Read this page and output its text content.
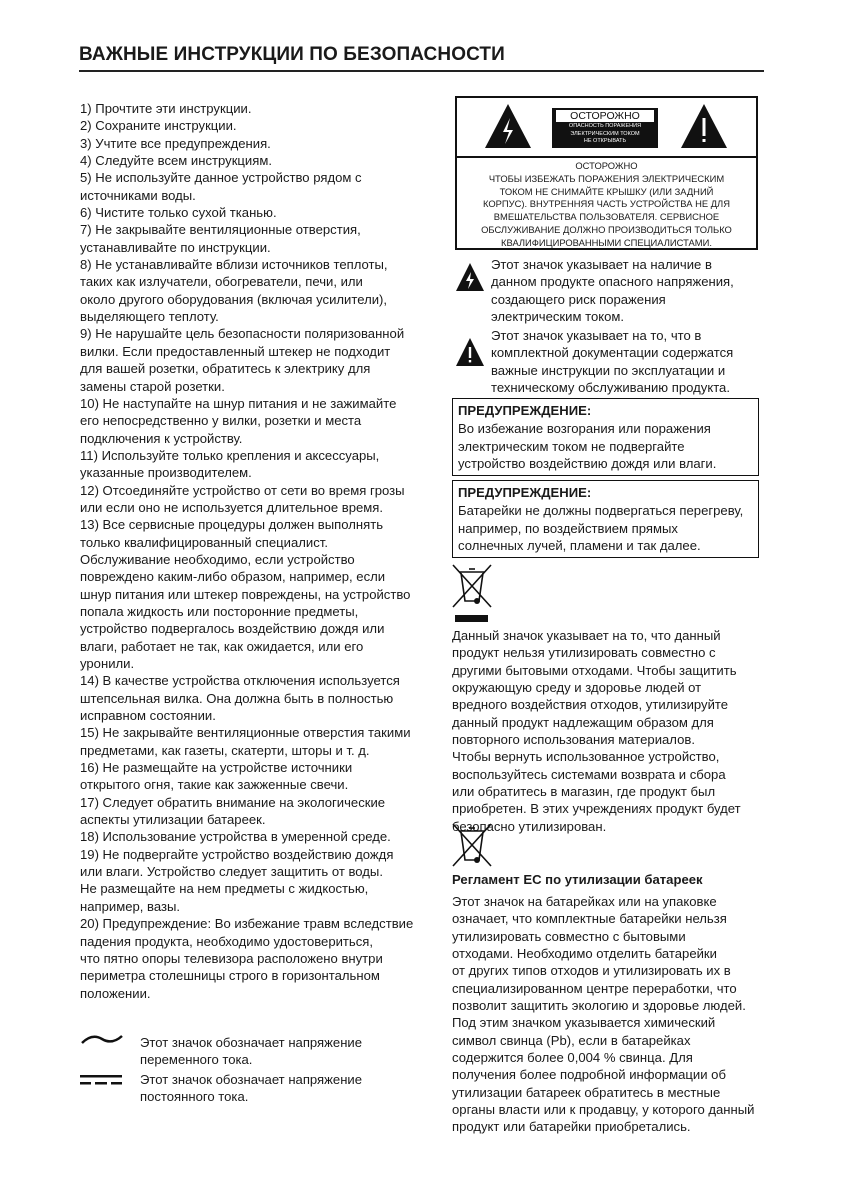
ВАЖНЫЕ ИНСТРУКЦИИ ПО БЕЗОПАСНОСТИ
1) Прочтите эти инструкции.
2) Сохраните инструкции.
3) Учтите все предупреждения.
4) Следуйте всем инструкциям.
5) Не используйте данное устройство рядом с
источниками воды.
6) Чистите только сухой тканью.
7) Не закрывайте вентиляционные отверстия,
устанавливайте по инструкции.
8) Не устанавливайте вблизи источников теплоты,
таких как излучатели, обогреватели, печи, или
около другого оборудования (включая усилители),
выделяющего теплоту.
9) Не нарушайте цель безопасности поляризованной
вилки. Если предоставленный штекер не подходит
для вашей розетки, обратитесь к электрику для
замены старой розетки.
10) Не наступайте на шнур питания и не зажимайте
его непосредственно у вилки, розетки и места
подключения к устройству.
11) Используйте только крепления и аксессуары,
указанные производителем.
12) Отсоединяйте устройство от сети во время грозы
или если оно не используется длительное время.
13) Все сервисные процедуры должен выполнять
только квалифицированный специалист.
Обслуживание необходимо, если устройство
повреждено каким-либо образом, например, если
шнур питания или штекер повреждены, на устройство
попала жидкость или посторонние предметы,
устройство подвергалось воздействию дождя или
влаги, работает не так, как ожидается, или его
уронили.
14) В качестве устройства отключения используется
штепсельная вилка. Она должна быть в полностью
исправном состоянии.
15) Не закрывайте вентиляционные отверстия такими
предметами, как газеты, скатерти, шторы и т. д.
16) Не размещайте на устройстве источники
открытого огня, такие как зажженные свечи.
17) Следует обратить внимание на экологические
аспекты утилизации батареек.
18) Использование устройства в умеренной среде.
19) Не подвергайте устройство воздействию дождя
или влаги. Устройство следует защитить от воды.
Не размещайте на нем предметы с жидкостью,
например, вазы.
20) Предупреждение: Во избежание травм вследствие
падения продукта, необходимо удостовериться,
что пятно опоры телевизора расположено внутри
периметра столешницы строго в горизонтальном
положении.
Этот значок обозначает напряжение
переменного тока.
Этот значок обозначает напряжение
постоянного тока.
ОСТОРОЖНО
ОПАСНОСТЬ ПОРАЖЕНИЯ
ЭЛЕКТРИЧЕСКИМ ТОКОМ
НЕ ОТКРЫВАТЬ
ОСТОРОЖНО
ЧТОБЫ ИЗБЕЖАТЬ ПОРАЖЕНИЯ ЭЛЕКТРИЧЕСКИМ
ТОКОМ НЕ СНИМАЙТЕ КРЫШКУ (ИЛИ ЗАДНИЙ
КОРПУС). ВНУТРЕННЯЯ ЧАСТЬ УСТРОЙСТВА НЕ ДЛЯ
ВМЕШАТЕЛЬСТВА ПОЛЬЗОВАТЕЛЯ. СЕРВИСНОЕ
ОБСЛУЖИВАНИЕ ДОЛЖНО ПРОИЗВОДИТЬСЯ ТОЛЬКО
КВАЛИФИЦИРОВАННЫМИ СПЕЦИАЛИСТАМИ.
Этот значок указывает на наличие в
данном продукте опасного напряжения,
создающего риск поражения
электрическим током.
Этот значок указывает на то, что в
комплектной документации содержатся
важные инструкции по эксплуатации и
техническому обслуживанию продукта.
ПРЕДУПРЕЖДЕНИЕ:
Во избежание возгорания или поражения
электрическим током не подвергайте
устройство воздействию дождя или влаги.
ПРЕДУПРЕЖДЕНИЕ:
Батарейки не должны подвергаться перегреву,
например, по воздействием прямых
солнечных лучей, пламени и так далее.
Данный значок указывает на то, что данный
продукт нельзя утилизировать совместно с
другими бытовыми отходами. Чтобы защитить
окружающую среду и здоровье людей от
вредного воздействия отходов, утилизируйте
данный продукт надлежащим образом для
повторного использования материалов.
Чтобы вернуть использованное устройство,
воспользуйтесь системами возврата и сбора
или обратитесь в магазин, где продукт был
приобретен. В этих учреждениях продукт будет
безопасно утилизирован.
Регламент ЕС по утилизации батареек
Этот значок на батарейках или на упаковке
означает, что комплектные батарейки нельзя
утилизировать совместно с бытовыми
отходами. Необходимо отделить батарейки
от других типов отходов и утилизировать их в
специализированном центре переработки, что
позволит защитить экологию и здоровье людей.
Под этим значком указывается химический
символ свинца (Pb), если в батарейках
содержится более 0,004 % свинца. Для
получения более подробной информации об
утилизации батареек обратитесь в местные
органы власти или к продавцу, у которого данный
продукт или батарейки приобретались.
